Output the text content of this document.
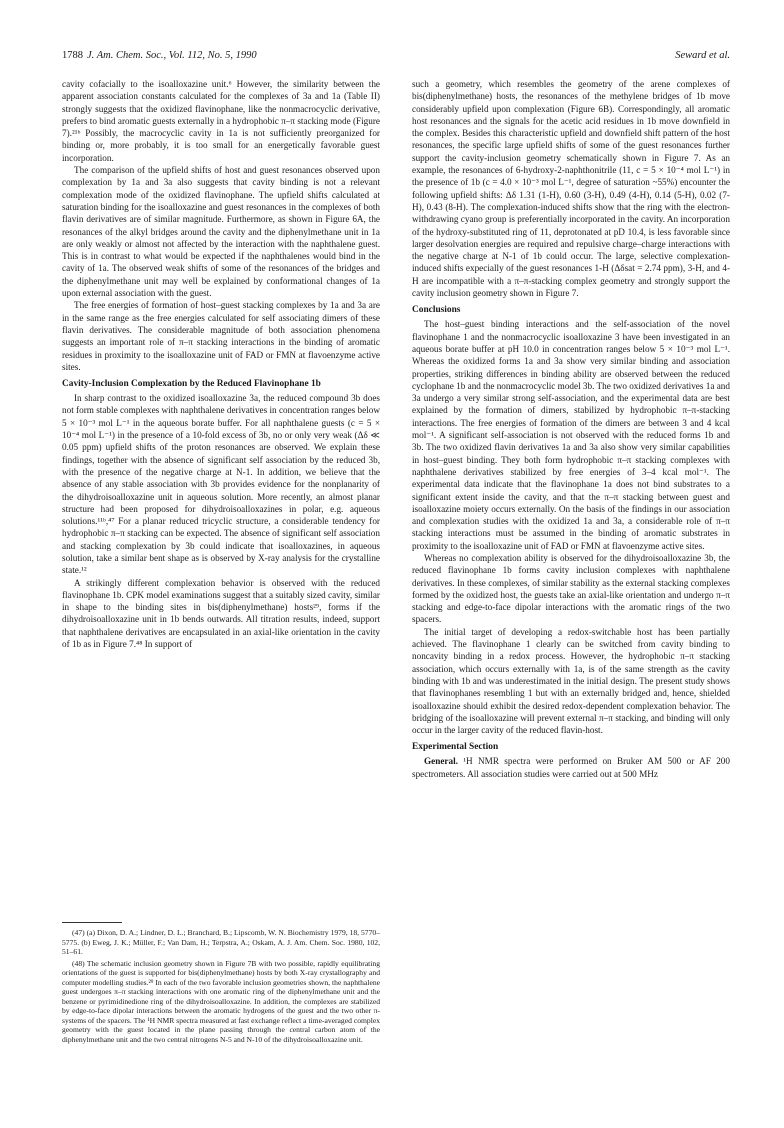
1788 J. Am. Chem. Soc., Vol. 112, No. 5, 1990	Seward et al.

cavity cofacially to the isoalloxazine unit.⁶ However, the similarity between the apparent association constants calculated for the complexes of 3a and 1a (Table II) strongly suggests that the oxidized flavinophane, like the nonmacrocyclic derivative, prefers to bind aromatic guests externally in a hydrophobic π–π stacking mode (Figure 7).²¹ᵇ Possibly, the macrocyclic cavity in 1a is not sufficiently preorganized for binding or, more probably, it is too small for an energetically favorable guest incorporation.

The comparison of the upfield shifts of host and guest resonances observed upon complexation by 1a and 3a also suggests that cavity binding is not a relevant complexation mode of the oxidized flavinophane. The upfield shifts calculated at saturation binding for the isoalloxazine and guest resonances in the complexes of both flavin derivatives are of similar magnitude. Furthermore, as shown in Figure 6A, the resonances of the alkyl bridges around the cavity and the diphenylmethane unit in 1a are only weakly or almost not affected by the interaction with the naphthalene guest. This is in contrast to what would be expected if the naphthalenes would bind in the cavity of 1a. The observed weak shifts of some of the resonances of the bridges and the diphenylmethane unit may well be explained by conformational changes of 1a upon external association with the guest.

The free energies of formation of host–guest stacking complexes by 1a and 3a are in the same range as the free energies calculated for self associating dimers of these flavin derivatives. The considerable magnitude of both association phenomena suggests an important role of π–π stacking interactions in the binding of aromatic residues in proximity to the isoalloxazine unit of FAD or FMN at flavoenzyme active sites.

Cavity-Inclusion Complexation by the Reduced Flavinophane 1b

In sharp contrast to the oxidized isoalloxazine 3a, the reduced compound 3b does not form stable complexes with naphthalene derivatives in concentration ranges below 5 × 10⁻³ mol L⁻¹ in the aqueous borate buffer. For all naphthalene guests (c = 5 × 10⁻⁴ mol L⁻¹) in the presence of a 10-fold excess of 3b, no or only very weak (Δδ ≪ 0.05 ppm) upfield shifts of the proton resonances are observed. We explain these findings, together with the absence of significant self association by the reduced 3b, with the presence of the negative charge at N-1. In addition, we believe that the absence of any stable association with 3b provides evidence for the nonplanarity of the dihydroisoalloxazine unit in aqueous solution. More recently, an almost planar structure had been proposed for dihydroisoalloxazines in polar, e.g. aqueous solutions.¹¹ᵇ,⁴⁷ For a planar reduced tricyclic structure, a considerable tendency for hydrophobic π–π stacking can be expected. The absence of significant self association and stacking complexation by 3b could indicate that isoalloxazines, in aqueous solution, take a similar bent shape as is observed by X-ray analysis for the crystalline state.¹²

A strikingly different complexation behavior is observed with the reduced flavinophane 1b. CPK model examinations suggest that a suitably sized cavity, similar in shape to the binding sites in bis(diphenylmethane) hosts²⁹, forms if the dihydroisoalloxazine unit in 1b bends outwards. All titration results, indeed, support that naphthalene derivatives are encapsulated in an axial-like orientation in the cavity of 1b as in Figure 7.⁴⁸ In support of

(47) (a) Dixon, D. A.; Lindner, D. L.; Branchard, B.; Lipscomb, W. N. Biochemistry 1979, 18, 5770–5775. (b) Eweg, J. K.; Müller, F.; Van Dam, H.; Terpstra, A.; Oskam, A. J. Am. Chem. Soc. 1980, 102, 51–61.

(48) The schematic inclusion geometry shown in Figure 7B with two possible, rapidly equilibrating orientations of the guest is supported for bis(diphenylmethane) hosts by both X-ray crystallography and computer modelling studies.²⁹ In each of the two favorable inclusion geometries shown, the naphthalene guest undergoes π–π stacking interactions with one aromatic ring of the diphenylmethane unit and the benzene or pyrimidinedione ring of the dihydroisoalloxazine. In addition, the complexes are stabilized by edge-to-face dipolar interactions between the aromatic hydrogens of the guest and the two other π-systems of the spacers. The ¹H NMR spectra measured at fast exchange reflect a time-averaged complex geometry with the guest located in the plane passing through the central carbon atom of the diphenylmethane unit and the two central nitrogens N-5 and N-10 of the dihydroisoalloxazine unit.

such a geometry, which resembles the geometry of the arene complexes of bis(diphenylmethane) hosts, the resonances of the methylene bridges of 1b move considerably upfield upon complexation (Figure 6B). Correspondingly, all aromatic host resonances and the signals for the acetic acid residues in 1b move downfield in the complex. Besides this characteristic upfield and downfield shift pattern of the host resonances, the specific large upfield shifts of some of the guest resonances further support the cavity-inclusion geometry schematically shown in Figure 7. As an example, the resonances of 6-hydroxy-2-naphthonitrile (11, c = 5 × 10⁻⁴ mol L⁻¹) in the presence of 1b (c = 4.0 × 10⁻³ mol L⁻¹, degree of saturation ~55%) encounter the following upfield shifts: Δδ 1.31 (1-H), 0.60 (3-H), 0.49 (4-H), 0.14 (5-H), 0.02 (7-H), 0.43 (8-H). The complexation-induced shifts show that the ring with the electron-withdrawing cyano group is preferentially incorporated in the cavity. An incorporation of the hydroxy-substituted ring of 11, deprotonated at pD 10.4, is less favorable since larger desolvation energies are required and repulsive charge–charge interactions with the negative charge at N-1 of 1b could occur. The large, selective complexation-induced shifts expecially of the guest resonances 1-H (Δδsat = 2.74 ppm), 3-H, and 4-H are incompatible with a π–π-stacking complex geometry and strongly support the cavity inclusion geometry shown in Figure 7.

Conclusions

The host–guest binding interactions and the self-association of the novel flavinophane 1 and the nonmacrocyclic isoalloxazine 3 have been investigated in an aqueous borate buffer at pH 10.0 in concentration ranges below 5 × 10⁻³ mol L⁻¹. Whereas the oxidized forms 1a and 3a show very similar binding and association properties, striking differences in binding ability are observed between the reduced cyclophane 1b and the nonmacrocyclic model 3b. The two oxidized derivatives 1a and 3a undergo a very similar strong self-association, and the experimental data are best explained by the formation of dimers, stabilized by hydrophobic π–π-stacking interactions. The free energies of formation of the dimers are between 3 and 4 kcal mol⁻¹. A significant self-association is not observed with the reduced forms 1b and 3b. The two oxidized flavin derivatives 1a and 3a also show very similar capabilities in host–guest binding. They both form hydrophobic π–π stacking complexes with naphthalene derivatives stabilized by free energies of 3–4 kcal mol⁻¹. The experimental data indicate that the flavinophane 1a does not bind substrates to a significant extent inside the cavity, and that the π–π stacking between guest and isoalloxazine moiety occurs externally. On the basis of the findings in our association and complexation studies with the oxidized 1a and 3a, a considerable role of π–π stacking interactions must be assumed in the binding of aromatic substrates in proximity to the isoalloxazine unit of FAD or FMN at flavoenzyme active sites.

Whereas no complexation ability is observed for the dihydroisoalloxazine 3b, the reduced flavinophane 1b forms cavity inclusion complexes with naphthalene derivatives. In these complexes, of similar stability as the external stacking complexes formed by the oxidized host, the guests take an axial-like orientation and undergo π–π stacking and edge-to-face dipolar interactions with the aromatic rings of the two spacers.

The initial target of developing a redox-switchable host has been partially achieved. The flavinophane 1 clearly can be switched from cavity binding to noncavity binding in a redox process. However, the hydrophobic π–π stacking association, which occurs externally with 1a, is of the same strength as the cavity binding with 1b and was underestimated in the initial design. The present study shows that flavinophanes resembling 1 but with an externally bridged and, hence, shielded isoalloxazine should exhibit the desired redox-dependent complexation behavior. The bridging of the isoalloxazine will prevent external π–π stacking, and binding will only occur in the larger cavity of the reduced flavin-host.

Experimental Section

General. ¹H NMR spectra were performed on Bruker AM 500 or AF 200 spectrometers. All association studies were carried out at 500 MHz
